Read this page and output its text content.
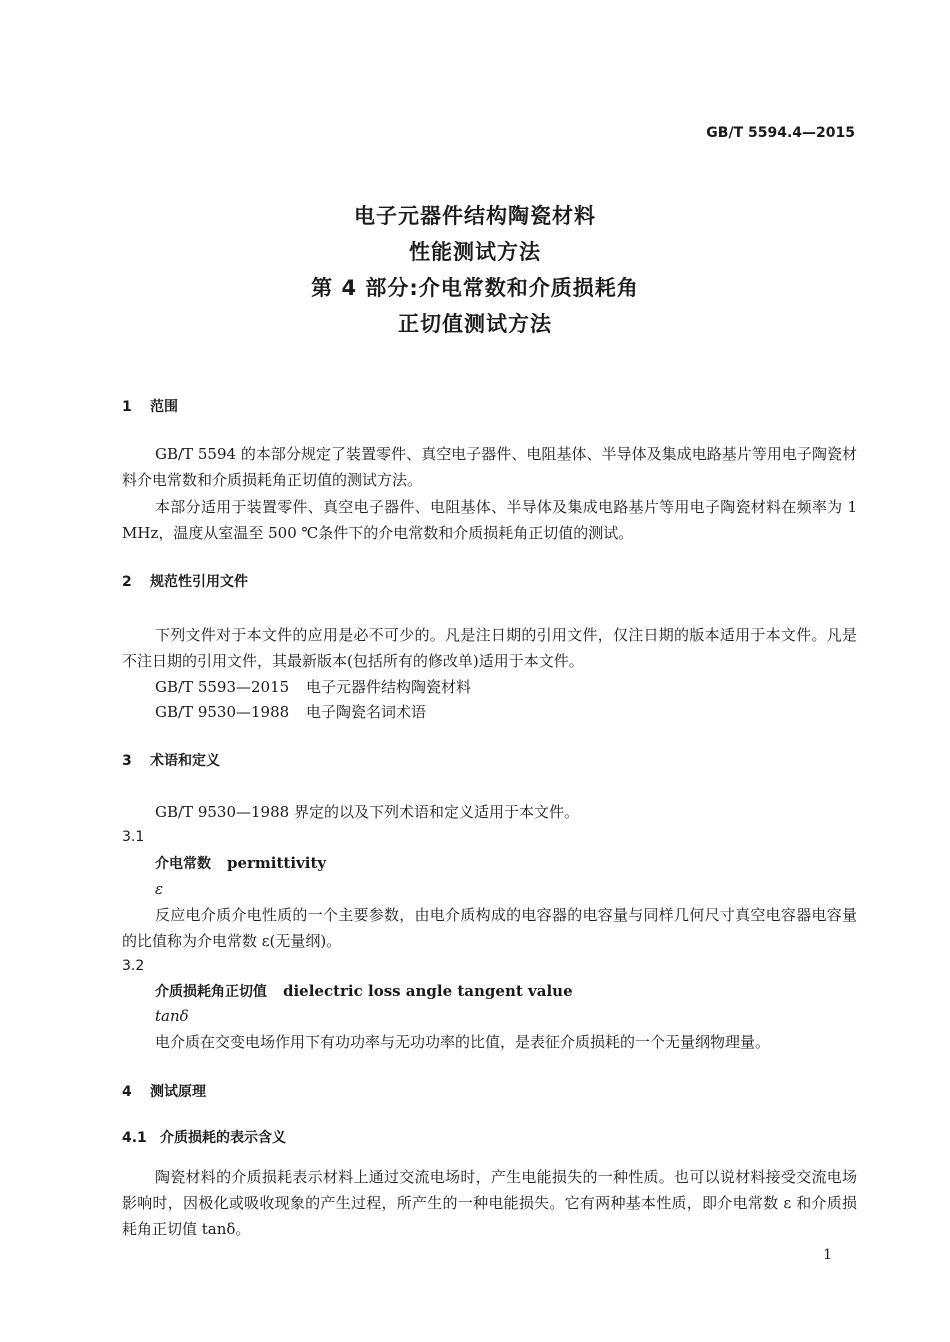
GB/T 5594.4—2015
电子元器件结构陶瓷材料
性能测试方法
第 4 部分:介电常数和介质损耗角
正切值测试方法
1 范围
GB/T 5594 的本部分规定了装置零件、真空电子器件、电阻基体、半导体及集成电路基片等用电子陶瓷材料介电常数和介质损耗角正切值的测试方法。
本部分适用于装置零件、真空电子器件、电阻基体、半导体及集成电路基片等用电子陶瓷材料在频率为 1 MHz，温度从室温至 500 ℃条件下的介电常数和介质损耗角正切值的测试。
2 规范性引用文件
下列文件对于本文件的应用是必不可少的。凡是注日期的引用文件，仅注日期的版本适用于本文件。凡是不注日期的引用文件，其最新版本(包括所有的修改单)适用于本文件。
GB/T 5593—2015 电子元器件结构陶瓷材料
GB/T 9530—1988 电子陶瓷名词术语
3 术语和定义
GB/T 9530—1988 界定的以及下列术语和定义适用于本文件。
3.1
介电常数 permittivity
ε
反应电介质介电性质的一个主要参数，由电介质构成的电容器的电容量与同样几何尺寸真空电容器电容量的比值称为介电常数 ε(无量纲)。
3.2
介质损耗角正切值 dielectric loss angle tangent value
tanδ
电介质在交变电场作用下有功功率与无功功率的比值，是表征介质损耗的一个无量纲物理量。
4 测试原理
4.1 介质损耗的表示含义
陶瓷材料的介质损耗表示材料上通过交流电场时，产生电能损失的一种性质。也可以说材料接受交流电场影响时，因极化或吸收现象的产生过程，所产生的一种电能损失。它有两种基本性质，即介电常数 ε 和介质损耗角正切值 tanδ。
1
